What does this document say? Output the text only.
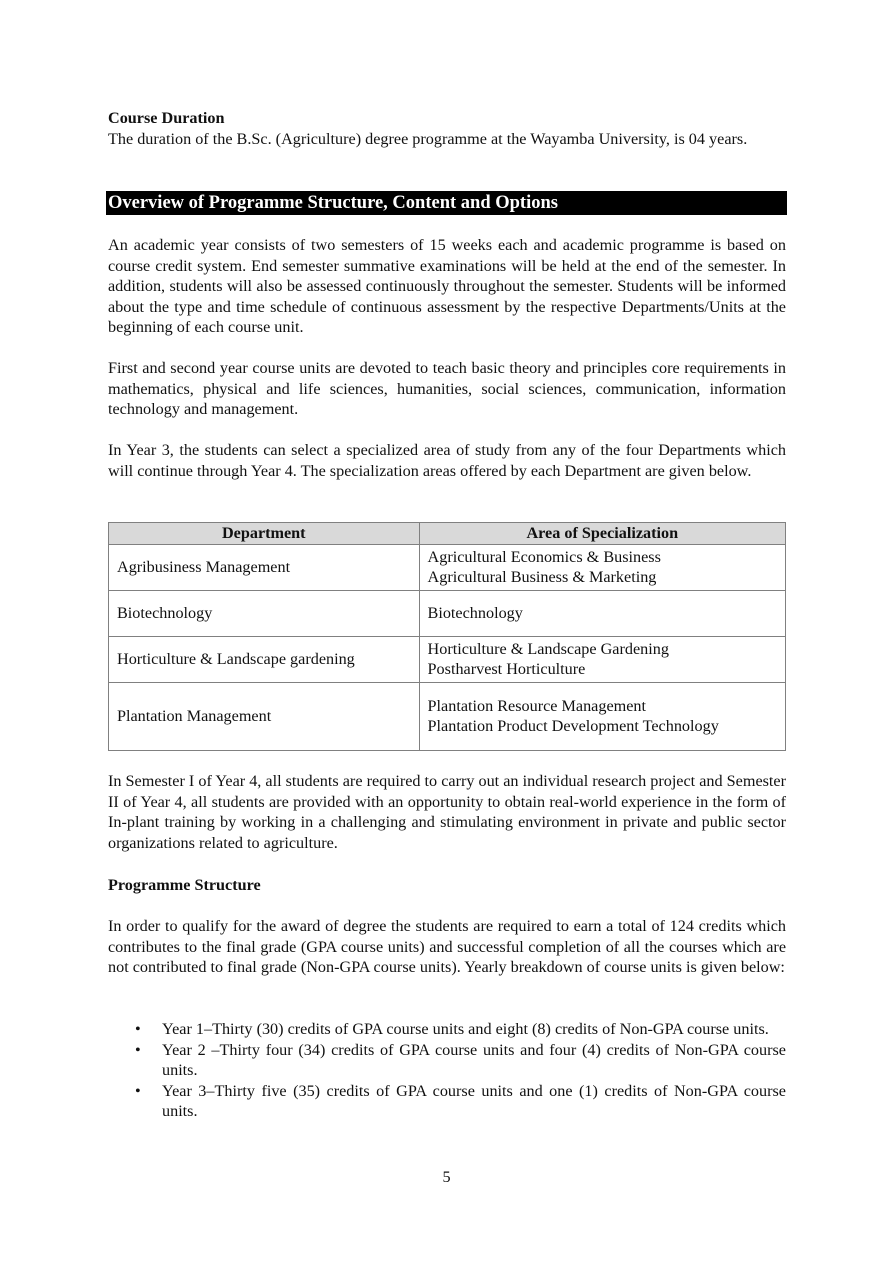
Course Duration

The duration of the B.Sc. (Agriculture) degree programme at the Wayamba University, is 04 years.

Overview of Programme Structure, Content and Options

An academic year consists of two semesters of 15 weeks each and academic programme is based on course credit system. End semester summative examinations will be held at the end of the semester. In addition, students will also be assessed continuously throughout the semester. Students will be informed about the type and time schedule of continuous assessment by the respective Departments/Units at the beginning of each course unit.

First and second year course units are devoted to teach basic theory and principles core requirements in mathematics, physical and life sciences, humanities, social sciences, communication, information technology and management.

In Year 3, the students can select a specialized area of study from any of the four Departments which will continue through Year 4. The specialization areas offered by each Department are given below.

Department	Area of Specialization
Agribusiness Management	Agricultural Economics & Business
Agricultural Business & Marketing

Biotechnology	Biotechnology

Horticulture & Landscape gardening	Horticulture & Landscape Gardening
Postharvest Horticulture

Plantation Management	Plantation Resource Management
Plantation Product Development Technology

In Semester I of Year 4, all students are required to carry out an individual research project and Semester II of Year 4, all students are provided with an opportunity to obtain real-world experience in the form of In-plant training by working in a challenging and stimulating environment in private and public sector organizations related to agriculture.

Programme Structure

In order to qualify for the award of degree the students are required to earn a total of 124 credits which contributes to the final grade (GPA course units) and successful completion of all the courses which are not contributed to final grade (Non-GPA course units). Yearly breakdown of course units is given below:

• Year 1–Thirty (30) credits of GPA course units and eight (8) credits of Non-GPA course units.
• Year 2 –Thirty four (34) credits of GPA course units and four (4) credits of Non-GPA course units.
• Year 3–Thirty five (35) credits of GPA course units and one (1) credits of Non-GPA course units.
5
